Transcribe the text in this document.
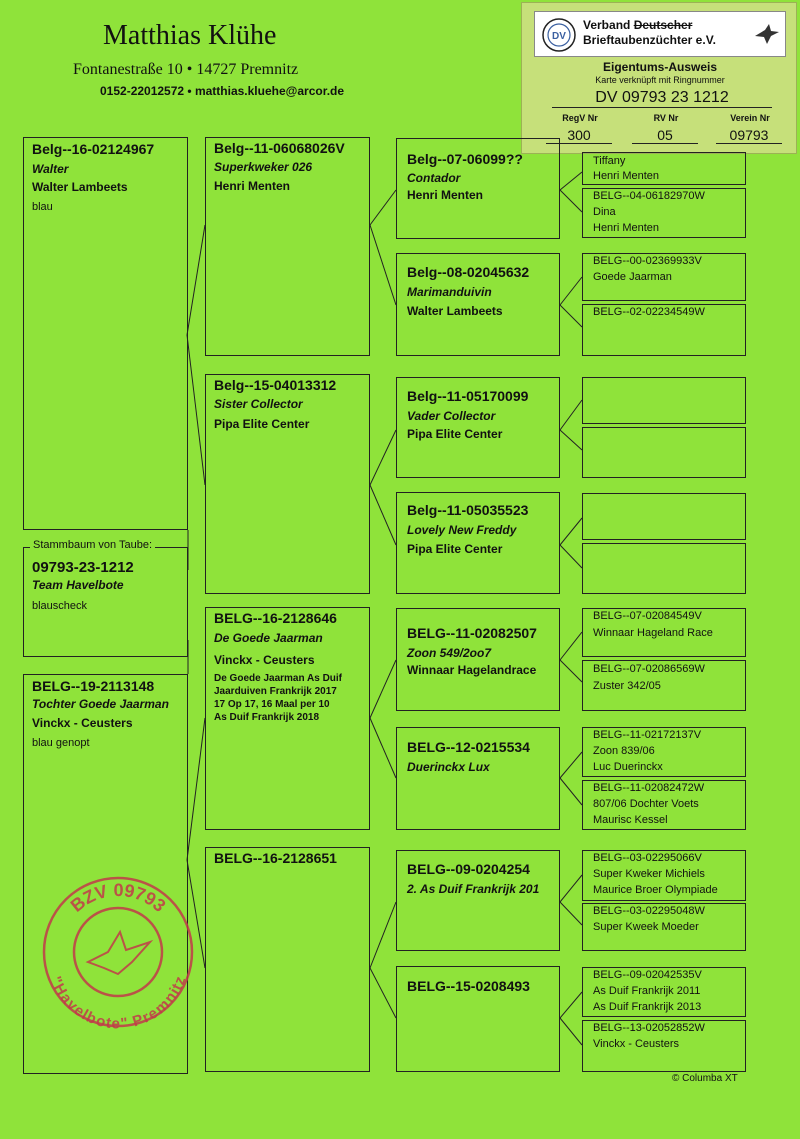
Matthias Klühe
Fontanestraße 10 • 14727 Premnitz
0152-22012572 • matthias.kluehe@arcor.de
DV
Verband Deutscher
Brieftaubenzüchter e.V.
Eigentums-Ausweis
Karte verknüpft mit Ringnummer
DV 09793 23 1212
RegV Nr	RV Nr	Verein Nr
300	05	09793
Belg--16-02124967
Walter
Walter Lambeets
blau
Stammbaum von Taube:
09793-23-1212
Team Havelbote
blauscheck
BELG--19-2113148
Tochter Goede Jaarman
Vinckx - Ceusters
blau genopt
BZV 09793
"Havelbote" Premnitz
Belg--11-06068026V
Superkweker 026
Henri Menten
Belg--15-04013312
Sister Collector
Pipa Elite Center
BELG--16-2128646
De Goede Jaarman
Vinckx - Ceusters
De Goede Jaarman As Duif
Jaarduiven Frankrijk 2017
17 Op 17, 16 Maal per 10
As Duif Frankrijk 2018
BELG--16-2128651
Belg--07-06099??
Contador
Henri Menten
Belg--08-02045632
Marimanduivin
Walter Lambeets
Belg--11-05170099
Vader Collector
Pipa Elite Center
Belg--11-05035523
Lovely New Freddy
Pipa Elite Center
BELG--11-02082507
Zoon 549/2oo7
Winnaar Hagelandrace
BELG--12-0215534
Duerinckx Lux
BELG--09-0204254
2. As Duif Frankrijk 201
BELG--15-0208493
Tiffany
Henri Menten
BELG--04-06182970W
Dina
Henri Menten
BELG--00-02369933V
Goede Jaarman
BELG--02-02234549W
BELG--07-02084549V
Winnaar Hageland Race
BELG--07-02086569W
Zuster 342/05
BELG--11-02172137V
Zoon 839/06
Luc Duerinckx
BELG--11-02082472W
807/06 Dochter Voets
Maurisc Kessel
BELG--03-02295066V
Super Kweker Michiels
Maurice Broer Olympiade
BELG--03-02295048W
Super Kweek Moeder
BELG--09-02042535V
As Duif Frankrijk 2011
As Duif Frankrijk 2013
BELG--13-02052852W
Vinckx - Ceusters
© Columba XT
